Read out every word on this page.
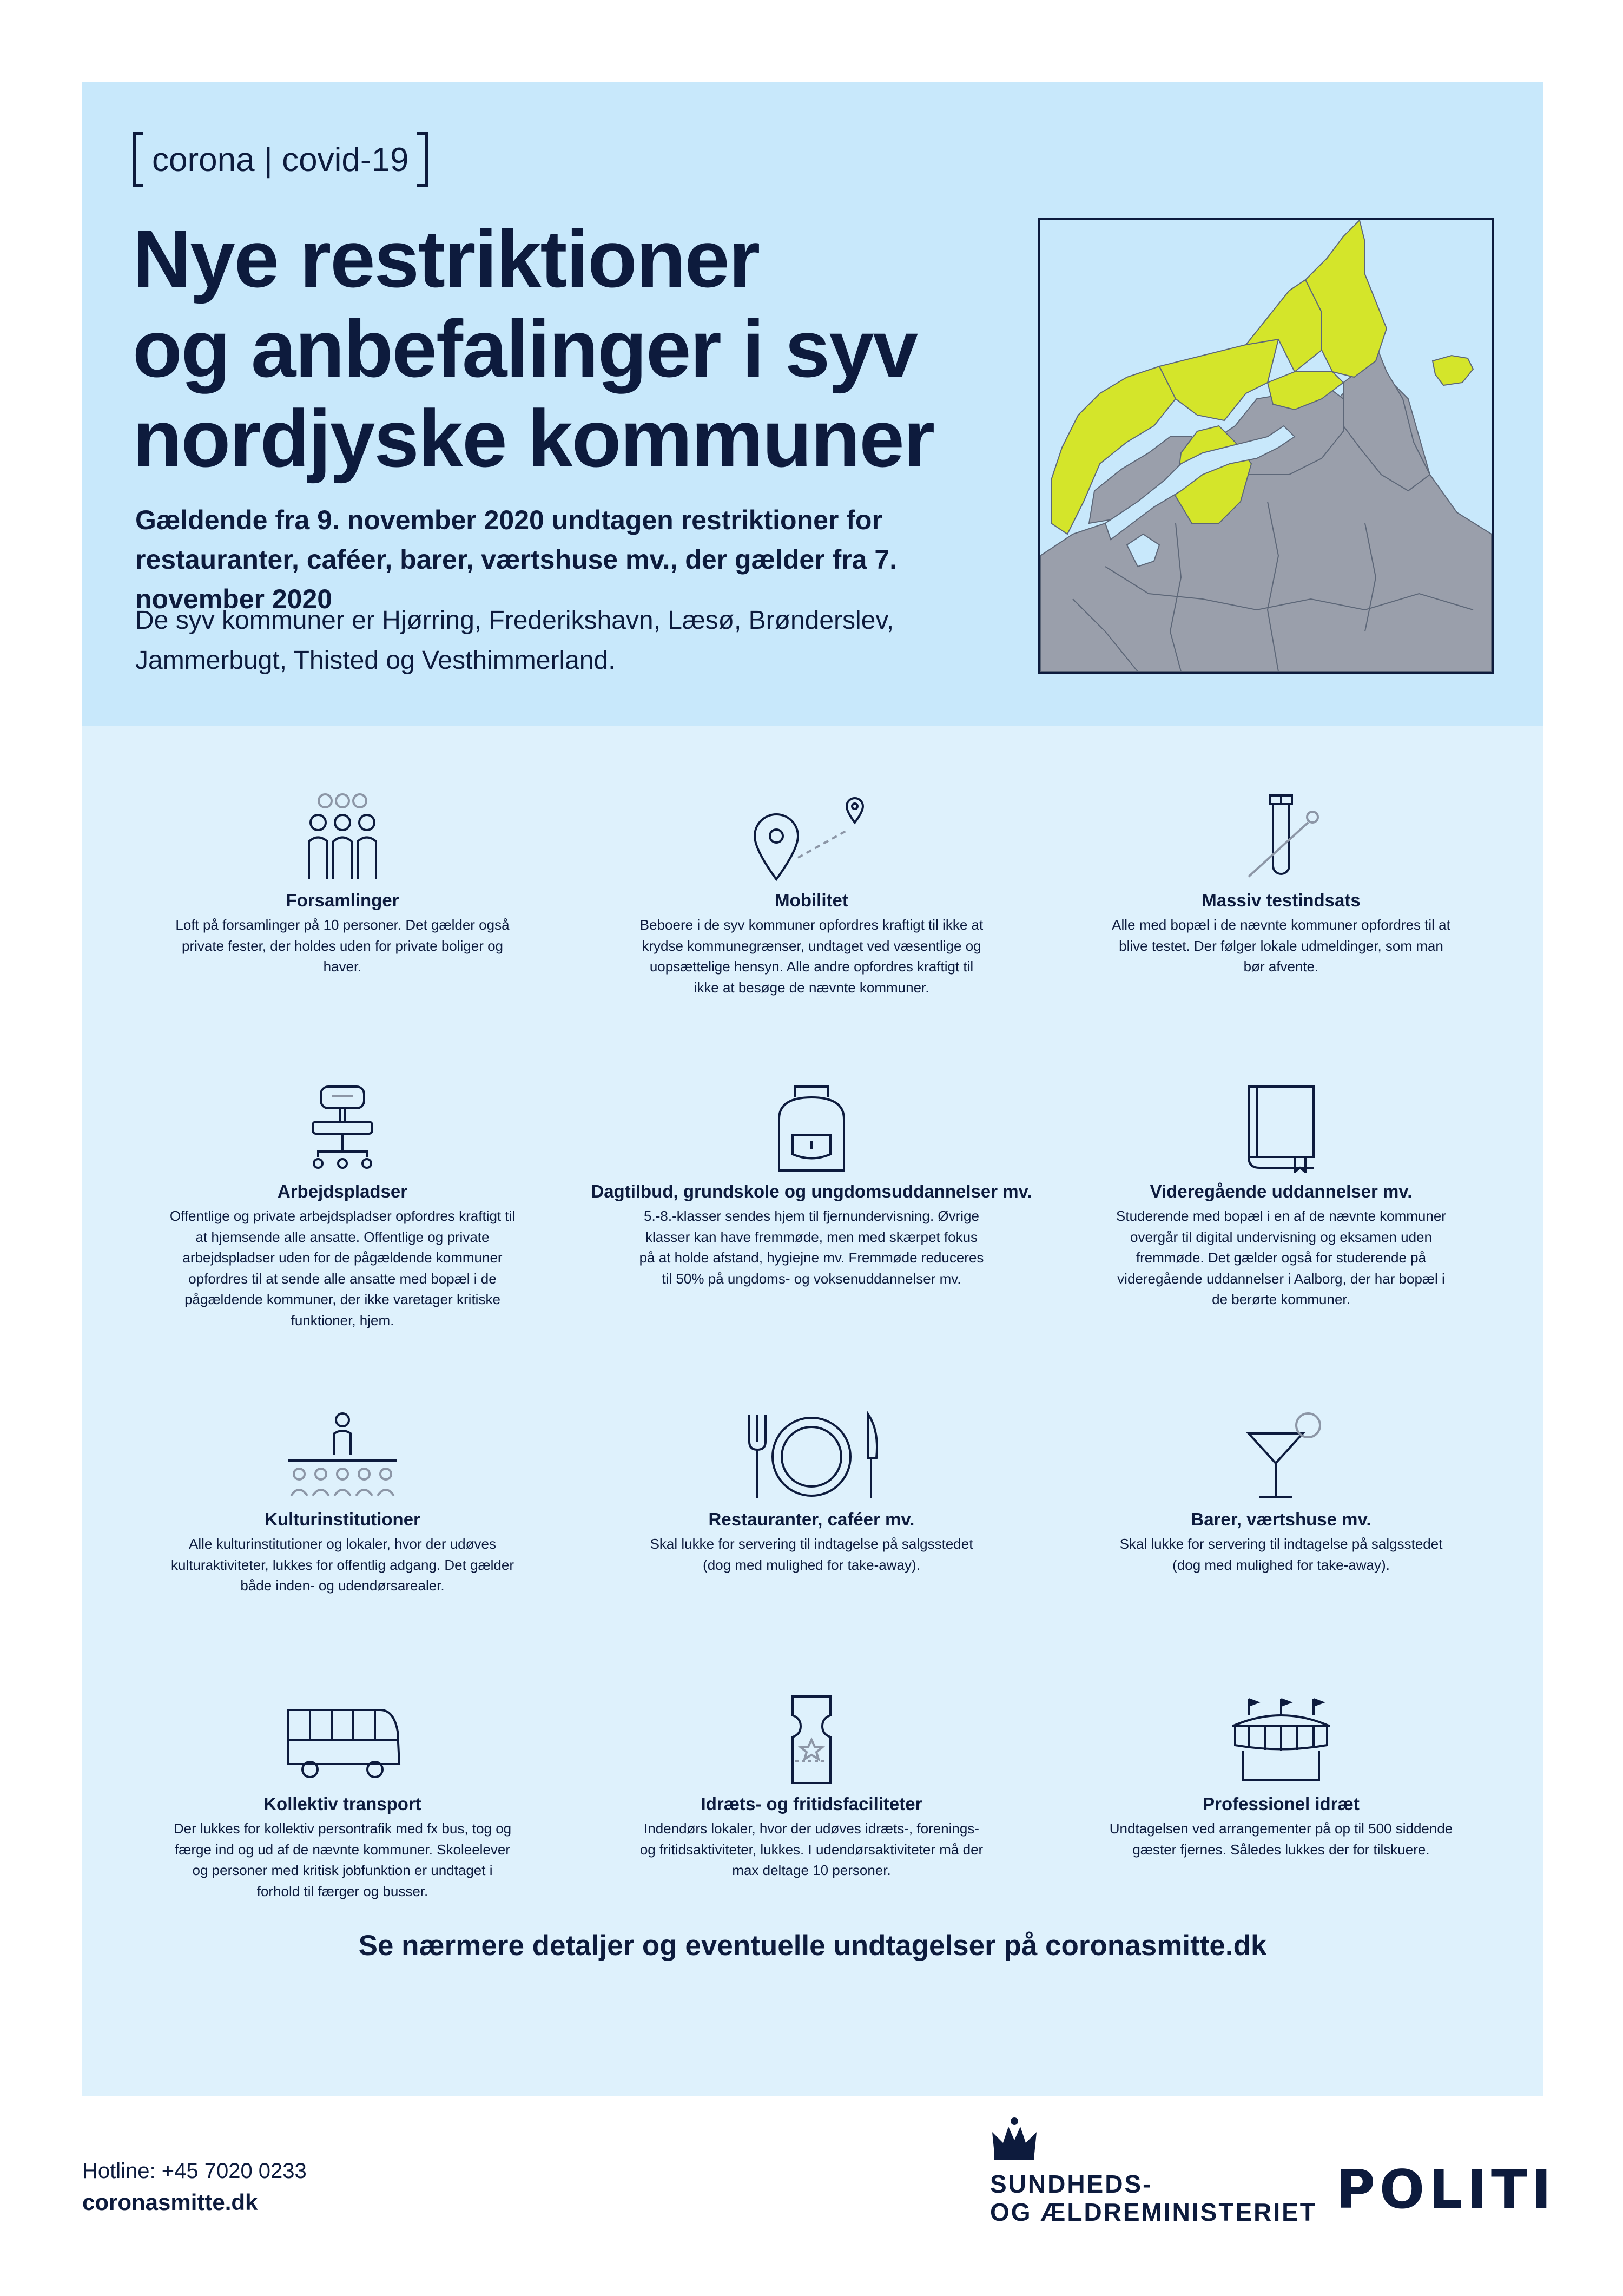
corona | covid-19
Nye restriktioner
og anbefalinger i syv
nordjyske kommuner
Gældende fra 9. november 2020 undtagen restriktioner for restauranter, caféer, barer, værtshuse mv., der gælder fra 7. november 2020
De syv kommuner er Hjørring, Frederikshavn, Læsø, Brønderslev, Jammerbugt, Thisted og Vesthimmerland.
Forsamlinger

Loft på forsamlinger på 10 personer. Det gælder også private fester, der holdes uden for private boliger og haver.

Mobilitet

Beboere i de syv kommuner opfordres kraftigt til ikke at krydse kommunegrænser, undtaget ved væsentlige og uopsættelige hensyn. Alle andre opfordres kraftigt til ikke at besøge de nævnte kommuner.

Massiv testindsats

Alle med bopæl i de nævnte kommuner opfordres til at blive testet. Der følger lokale udmeldinger, som man bør afvente.

Arbejdspladser

Offentlige og private arbejdspladser opfordres kraftigt til at hjemsende alle ansatte. Offentlige og private arbejdspladser uden for de pågældende kommuner opfordres til at sende alle ansatte med bopæl i de pågældende kommuner, der ikke varetager kritiske funktioner, hjem.

Dagtilbud, grundskole og ungdomsuddannelser mv.

5.-8.-klasser sendes hjem til fjernundervisning. Øvrige klasser kan have fremmøde, men med skærpet fokus på at holde afstand, hygiejne mv. Fremmøde reduceres til 50% på ungdoms- og voksenuddannelser mv.

Videregående uddannelser mv.

Studerende med bopæl i en af de nævnte kommuner overgår til digital undervisning og eksamen uden fremmøde. Det gælder også for studerende på videregående uddannelser i Aalborg, der har bopæl i de berørte kommuner.

Kulturinstitutioner

Alle kulturinstitutioner og lokaler, hvor der udøves kulturaktiviteter, lukkes for offentlig adgang. Det gælder både inden- og udendørsarealer.

Restauranter, caféer mv.

Skal lukke for servering til indtagelse på salgsstedet (dog med mulighed for take-away).

Barer, værtshuse mv.

Skal lukke for servering til indtagelse på salgsstedet (dog med mulighed for take-away).

Kollektiv transport

Der lukkes for kollektiv persontrafik med fx bus, tog og færge ind og ud af de nævnte kommuner. Skoleelever og personer med kritisk jobfunktion er undtaget i forhold til færger og busser.

Idræts- og fritidsfaciliteter

Indendørs lokaler, hvor der udøves idræts-, forenings- og fritidsaktiviteter, lukkes. I udendørsaktiviteter må der max deltage 10 personer.

Professionel idræt

Undtagelsen ved arrangementer på op til 500 siddende gæster fjernes. Således lukkes der for tilskuere.

Se nærmere detaljer og eventuelle undtagelser på coronasmitte.dk
Hotline: +45 7020 0233
coronasmitte.dk
SUNDHEDS-
OG ÆLDREMINISTERIET POLITI
